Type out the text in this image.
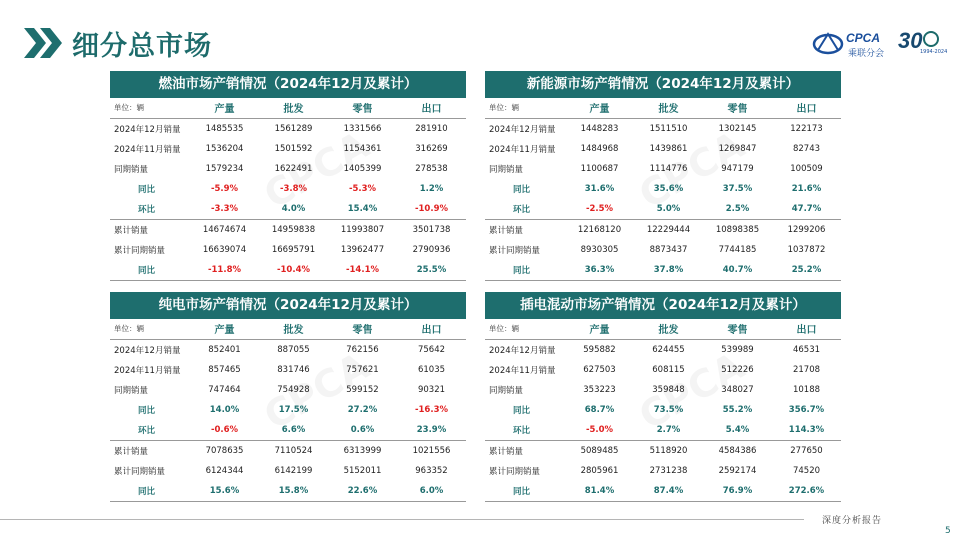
细分总市场	CPCA
乘联分会
30
1994-2024
燃油市场产销情况（2024年12月及累计）
单位：辆	产量	批发	零售	出口
2024年12月销量	1485535	1561289	1331566	281910
2024年11月销量	1536204	1501592	1154361	316269
同期销量	1579234	1622491	1405399	278538
同比	-5.9%	-3.8%	-5.3%	1.2%
环比	-3.3%	4.0%	15.4%	-10.9%
累计销量	14674674	14959838	11993807	3501738
累计同期销量	16639074	16695791	13962477	2790936
同比	-11.8%	-10.4%	-14.1%	25.5%
新能源市场产销情况（2024年12月及累计）
单位：辆	产量	批发	零售	出口
2024年12月销量	1448283	1511510	1302145	122173
2024年11月销量	1484968	1439861	1269847	82743
同期销量	1100687	1114776	947179	100509
同比	31.6%	35.6%	37.5%	21.6%
环比	-2.5%	5.0%	2.5%	47.7%
累计销量	12168120	12229444	10898385	1299206
累计同期销量	8930305	8873437	7744185	1037872
同比	36.3%	37.8%	40.7%	25.2%
纯电市场产销情况（2024年12月及累计）
单位：辆	产量	批发	零售	出口
2024年12月销量	852401	887055	762156	75642
2024年11月销量	857465	831746	757621	61035
同期销量	747464	754928	599152	90321
同比	14.0%	17.5%	27.2%	-16.3%
环比	-0.6%	6.6%	0.6%	23.9%
累计销量	7078635	7110524	6313999	1021556
累计同期销量	6124344	6142199	5152011	963352
同比	15.6%	15.8%	22.6%	6.0%
插电混动市场产销情况（2024年12月及累计）
单位：辆	产量	批发	零售	出口
2024年12月销量	595882	624455	539989	46531
2024年11月销量	627503	608115	512226	21708
同期销量	353223	359848	348027	10188
同比	68.7%	73.5%	55.2%	356.7%
环比	-5.0%	2.7%	5.4%	114.3%
累计销量	5089485	5118920	4584386	277650
累计同期销量	2805961	2731238	2592174	74520
同比	81.4%	87.4%	76.9%	272.6%
深度分析报告
5
